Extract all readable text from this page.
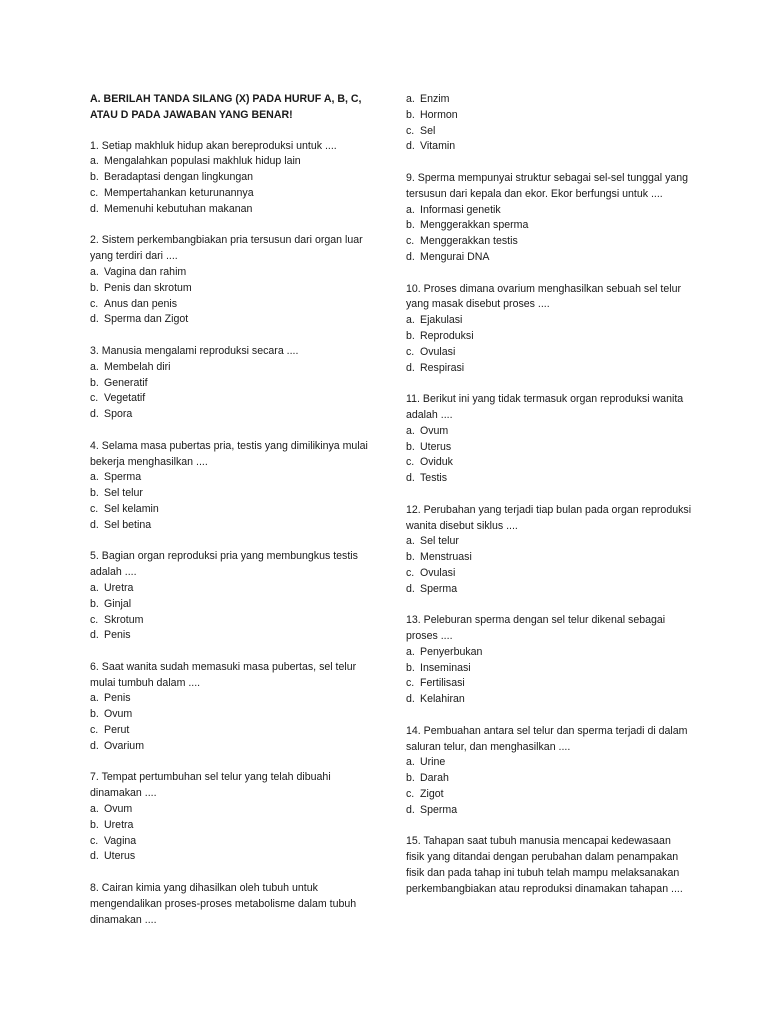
A. BERILAH TANDA SILANG (X) PADA HURUF A, B, C,
ATAU D PADA JAWABAN YANG BENAR!
1. Setiap makhluk hidup akan bereproduksi untuk ....
a. Mengalahkan populasi makhluk hidup lain
b. Beradaptasi dengan lingkungan
c. Mempertahankan keturunannya
d. Memenuhi kebutuhan makanan
2. Sistem perkembangbiakan pria tersusun dari organ luar yang terdiri dari ....
a. Vagina dan rahim
b. Penis dan skrotum
c. Anus dan penis
d. Sperma dan Zigot
3. Manusia mengalami reproduksi secara ....
a. Membelah diri
b. Generatif
c. Vegetatif
d. Spora
4. Selama masa pubertas pria, testis yang dimilikinya mulai bekerja menghasilkan ....
a. Sperma
b. Sel telur
c. Sel kelamin
d. Sel betina
5. Bagian organ reproduksi pria yang membungkus testis adalah ....
a. Uretra
b. Ginjal
c. Skrotum
d. Penis
6. Saat wanita sudah memasuki masa pubertas, sel telur mulai tumbuh dalam ....
a. Penis
b. Ovum
c. Perut
d. Ovarium
7. Tempat pertumbuhan sel telur yang telah dibuahi dinamakan ....
a. Ovum
b. Uretra
c. Vagina
d. Uterus
8. Cairan kimia yang dihasilkan oleh tubuh untuk mengendalikan proses-proses metabolisme dalam tubuh dinamakan ....
a. Enzim
b. Hormon
c. Sel
d. Vitamin
9. Sperma mempunyai struktur sebagai sel-sel tunggal yang tersusun dari kepala dan ekor. Ekor berfungsi untuk ....
a. Informasi genetik
b. Menggerakkan sperma
c. Menggerakkan testis
d. Mengurai DNA
10. Proses dimana ovarium menghasilkan sebuah sel telur yang masak disebut proses ....
a. Ejakulasi
b. Reproduksi
c. Ovulasi
d. Respirasi
11. Berikut ini yang tidak termasuk organ reproduksi wanita adalah ....
a. Ovum
b. Uterus
c. Oviduk
d. Testis
12. Perubahan yang terjadi tiap bulan pada organ reproduksi wanita disebut siklus ....
a. Sel telur
b. Menstruasi
c. Ovulasi
d. Sperma
13. Peleburan sperma dengan sel telur dikenal sebagai proses ....
a. Penyerbukan
b. Inseminasi
c. Fertilisasi
d. Kelahiran
14. Pembuahan antara sel telur dan sperma terjadi di dalam saluran telur, dan menghasilkan ....
a. Urine
b. Darah
c. Zigot
d. Sperma
15. Tahapan saat tubuh manusia mencapai kedewasaan fisik yang ditandai dengan perubahan dalam penampakan fisik dan pada tahap ini tubuh telah mampu melaksanakan perkembangbiakan atau reproduksi dinamakan tahapan ....
